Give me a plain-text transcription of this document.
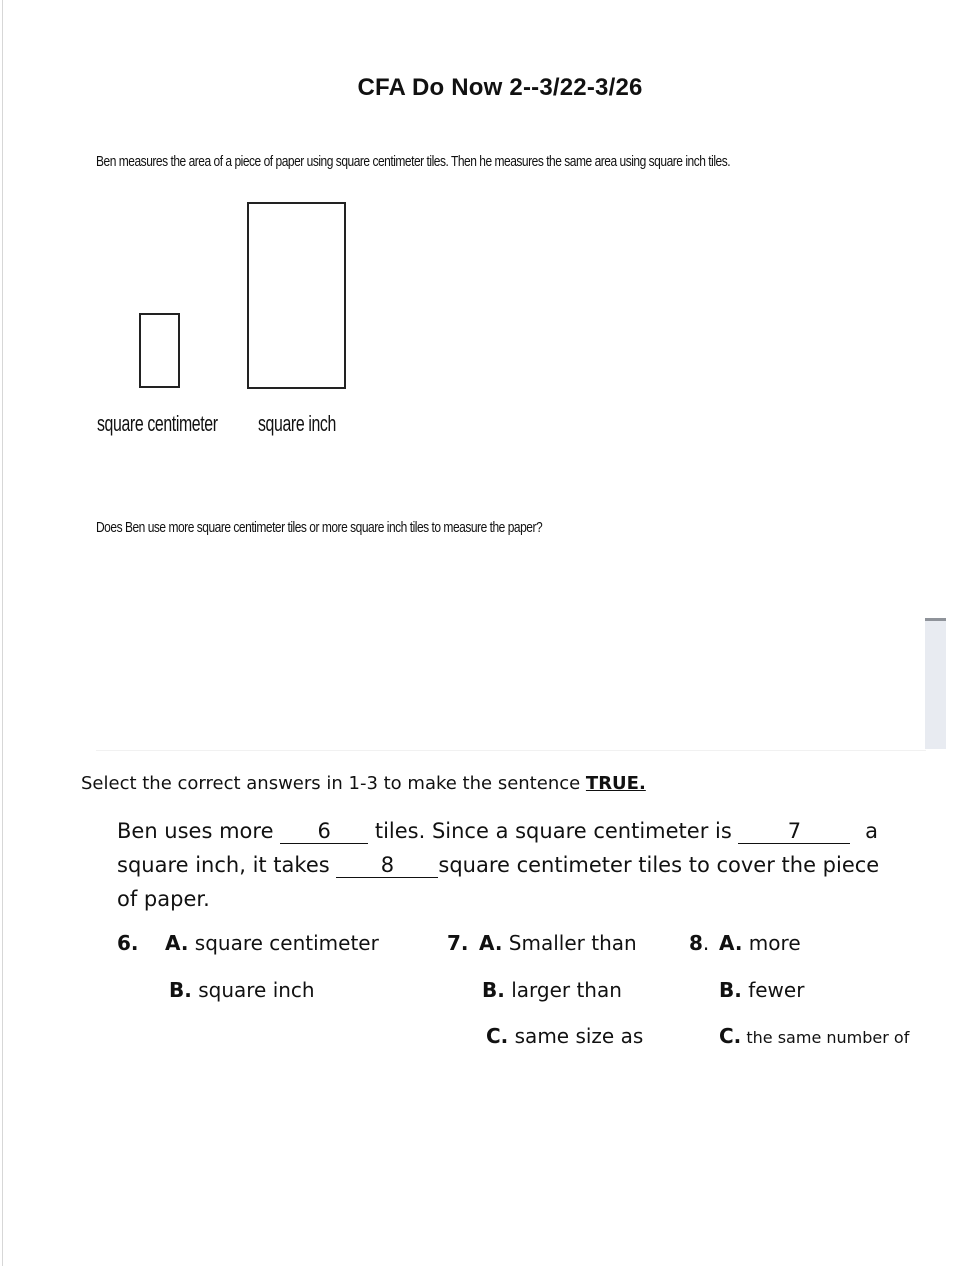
CFA Do Now 2--3/22-3/26
Ben measures the area of a piece of paper using square centimeter tiles. Then he measures the same area using square inch tiles.
square centimeter square inch
Does Ben use more square centimeter tiles or more square inch tiles to measure the paper?
Select the correct answers in 1-3 to make the sentence TRUE.
Ben uses more 6 tiles. Since a square centimeter is 7	a
square inch, it takes 8 square centimeter tiles to cover the piece
of paper.
6. A. square centimeter
B. square inch
7. A. Smaller than
B. larger than
C. same size as
8. A. more
B. fewer
C. the same number of
